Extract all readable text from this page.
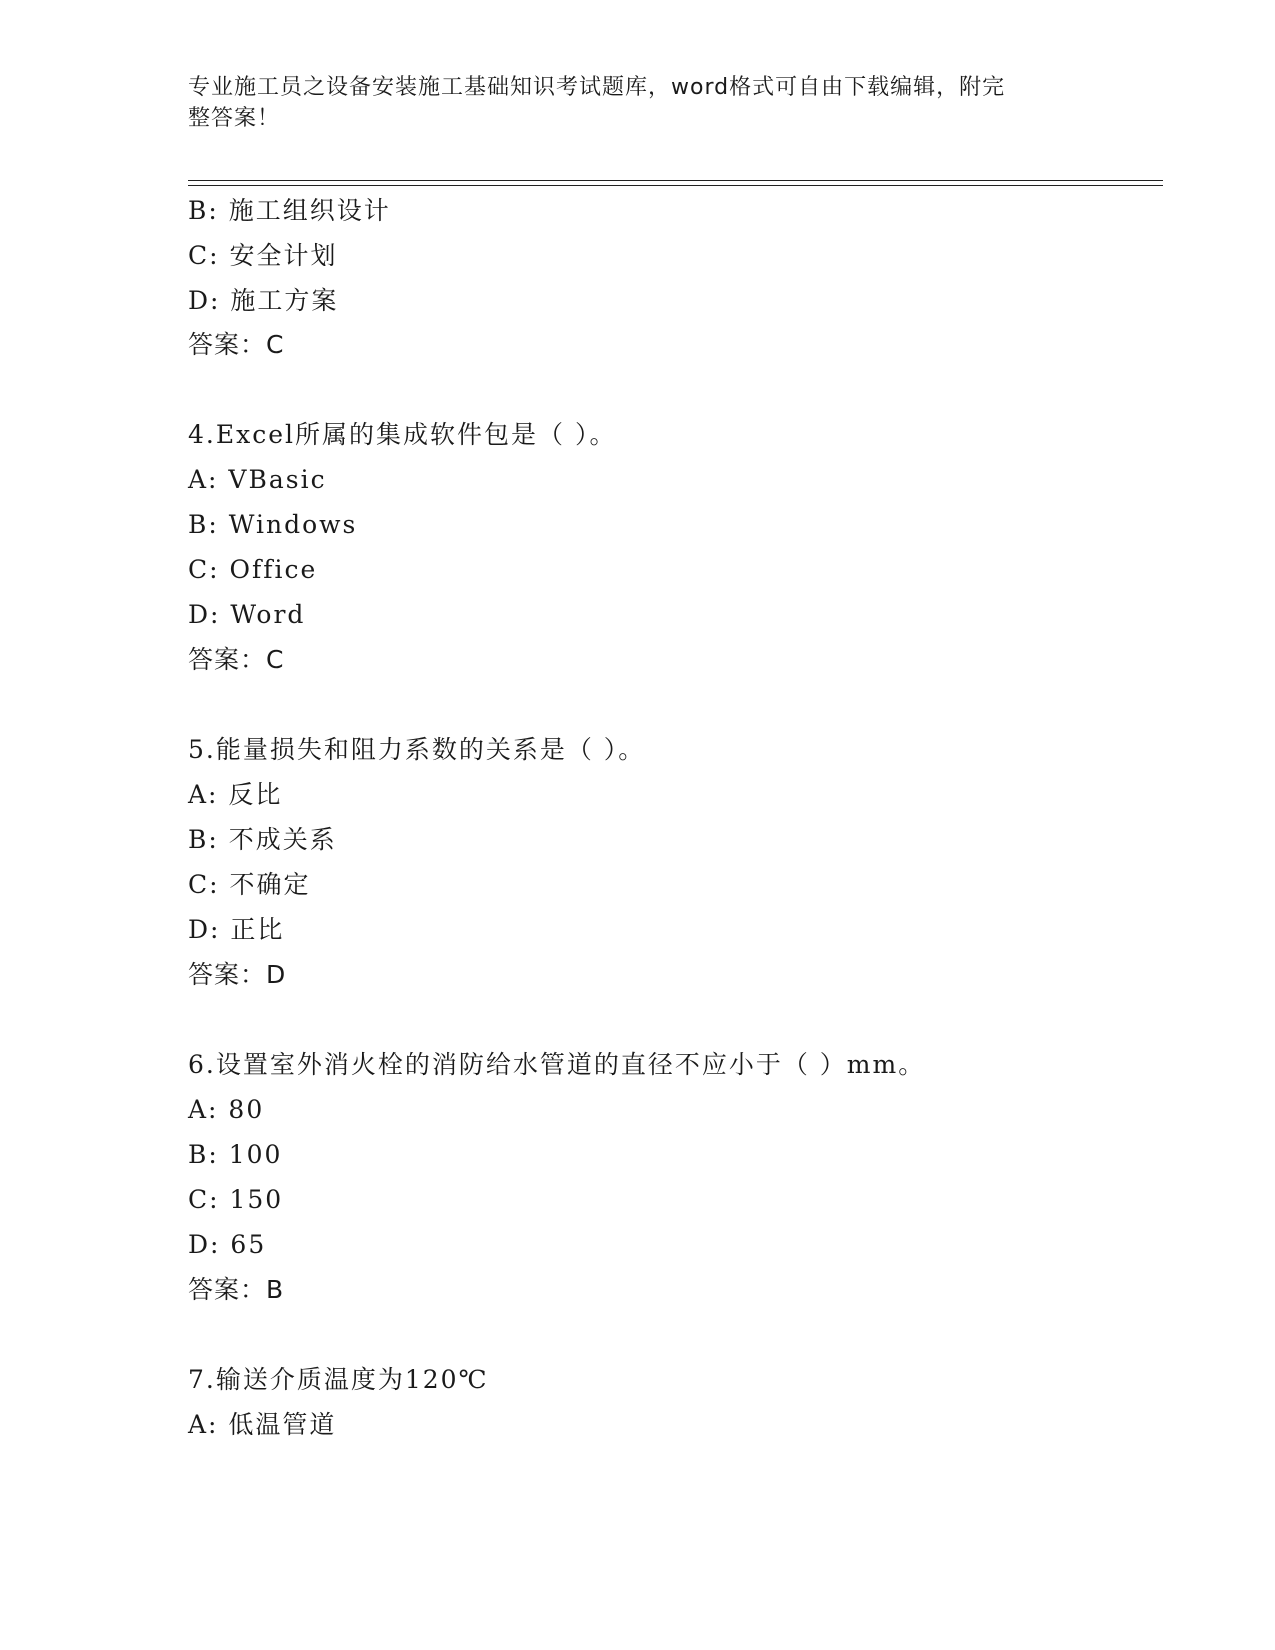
专业施工员之设备安装施工基础知识考试题库，word格式可自由下载编辑，附完
整答案！
B: 施工组织设计
C: 安全计划
D: 施工方案
答案：C
4.Excel所属的集成软件包是（ ）。
A: VBasic
B: Windows
C: Office
D: Word
答案：C
5.能量损失和阻力系数的关系是（ ）。
A: 反比
B: 不成关系
C: 不确定
D: 正比
答案：D
6.设置室外消火栓的消防给水管道的直径不应小于（ ）mm。
A: 80
B: 100
C: 150
D: 65
答案：B
7.输送介质温度为120℃
A: 低温管道
